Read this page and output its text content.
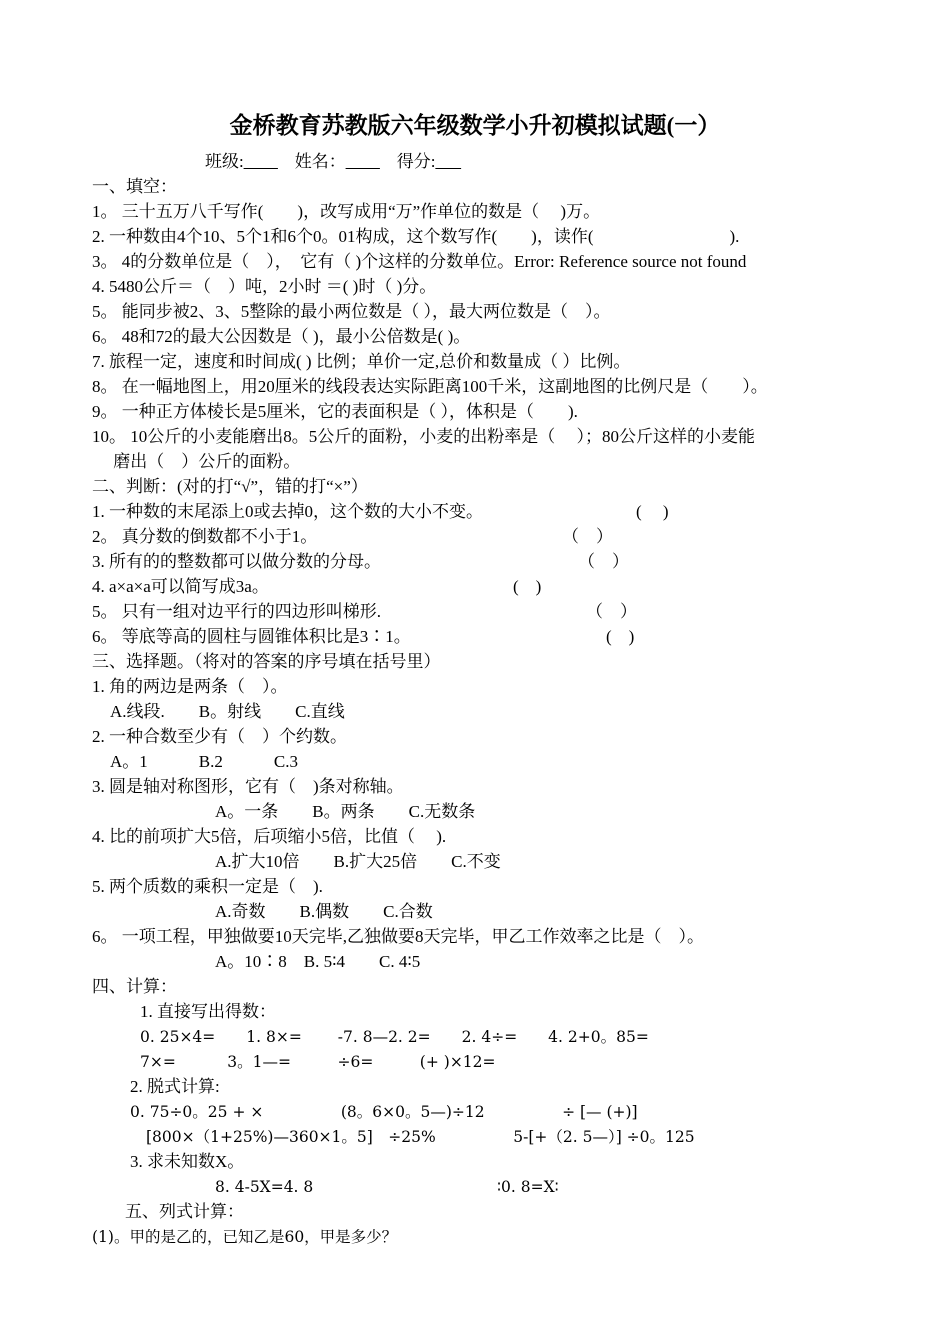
金桥教育苏教版六年级数学小升初模拟试题(一）
班级:____ 姓名：____ 得分:___
一、填空：
1。 三十五万八千写作(　　)，改写成用“万”作单位的数是（　 )万。
2. 一种数由4个10、5个1和6个0。01构成，这个数写作(　　)，读作(　　　　　　　　).
3。 4的分数单位是（　），　它有（ )个这样的分数单位。Error: Reference source not found
4. 5480公斤＝（　）吨，2小时 ＝( )时（ )分。
5。 能同步被2、3、5整除的最小两位数是（ ），最大两位数是（　）。
6。 48和72的最大公因数是（ )，最小公倍数是( )。
7. 旅程一定，速度和时间成( ) 比例；单价一定,总价和数量成（ ）比例。
8。 在一幅地图上，用20厘米的线段表达实际距离100千米，这副地图的比例尺是（　　）。
9。 一种正方体棱长是5厘米，它的表面积是（ ），体积是（　　).
10。 10公斤的小麦能磨出8。5公斤的面粉，小麦的出粉率是（　 ）；80公斤这样的小麦能
　 磨出（　）公斤的面粉。
二、判断：(对的打“√”，错的打“×”）
1. 一种数的末尾添上0或去掉0，这个数的大小不变。	(　 )
2。 真分数的倒数都不小于1。	（　）
3. 所有的的整数都可以做分数的分母。	（　）
4. a×a×a可以简写成3a。	(　)
5。 只有一组对边平行的四边形叫梯形.	（　）
6。 等底等高的圆柱与圆锥体积比是3∶1。	(　)
三、选择题。（将对的答案的序号填在括号里）
1. 角的两边是两条（　）。
A.线段.　　B。射线　　C.直线
2. 一种合数至少有（　）个约数。
A。1　　　B.2　　　C.3
3. 圆是轴对称图形，它有（　)条对称轴。
A。一条　　B。两条　　C.无数条
4. 比的前项扩大5倍，后项缩小5倍，比值（　 ).
A.扩大10倍　　B.扩大25倍　　C.不变
5. 两个质数的乘积一定是（　).
A.奇数　　B.偶数　　C.合数
6。 一项工程，甲独做要10天完毕,乙独做要8天完毕，甲乙工作效率之比是（　）。
A。10∶8　B. 5∶4　　C. 4∶5
四、计算：
1. 直接写出得数：
0. 25×4=　　1. 8×=　　 -7. 8—2. 2=　　2. 4÷=　　4. 2+0。85=
7×=　　　 3。1—=　　　÷6=　　　(+ )×12=
2. 脱式计算:
0. 75÷0。25 + ×　　　　　(8。6×0。5—)÷12　　　　　÷ [— (+)]
[800×（1+25%)—360×1。5]　÷25%　　　　　5-[+（2. 5—）] ÷0。125
3. 求未知数X。
8. 4-5X=4. 8	∶0. 8=X∶
五、列式计算：
(1)。甲的是乙的，已知乙是60，甲是多少？
